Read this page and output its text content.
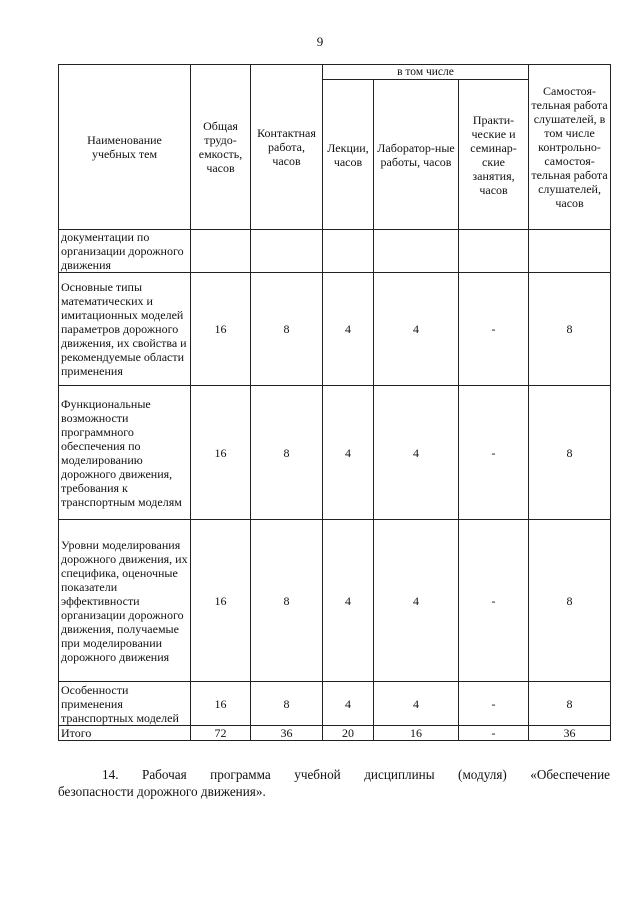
9
Наименование учебных тем	Общая трудо-емкость, часов	Контактная работа, часов	в том числе			Самостоя-тельная работа слушателей, в том числе контрольно-самостоя-тельная работа слушателей, часов
			Лекции, часов	Лаборатор-ные работы, часов	Практи-ческие и семинар-ские занятия, часов	
документации по организации дорожного движения						
Основные типы математических и имитационных моделей параметров дорожного движения, их свойства и рекомендуемые области применения	16	8	4	4	-	8
Функциональные возможности программного обеспечения по моделированию дорожного движения, требования к транспортным моделям	16	8	4	4	-	8
Уровни моделирования дорожного движения, их специфика, оценочные показатели эффективности организации дорожного движения, получаемые при моделировании дорожного движения	16	8	4	4	-	8
Особенности применения транспортных моделей	16	8	4	4	-	8
Итого	72	36	20	16	-	36
14. Рабочая программа учебной дисциплины (модуля) «Обеспечение
безопасности дорожного движения».
